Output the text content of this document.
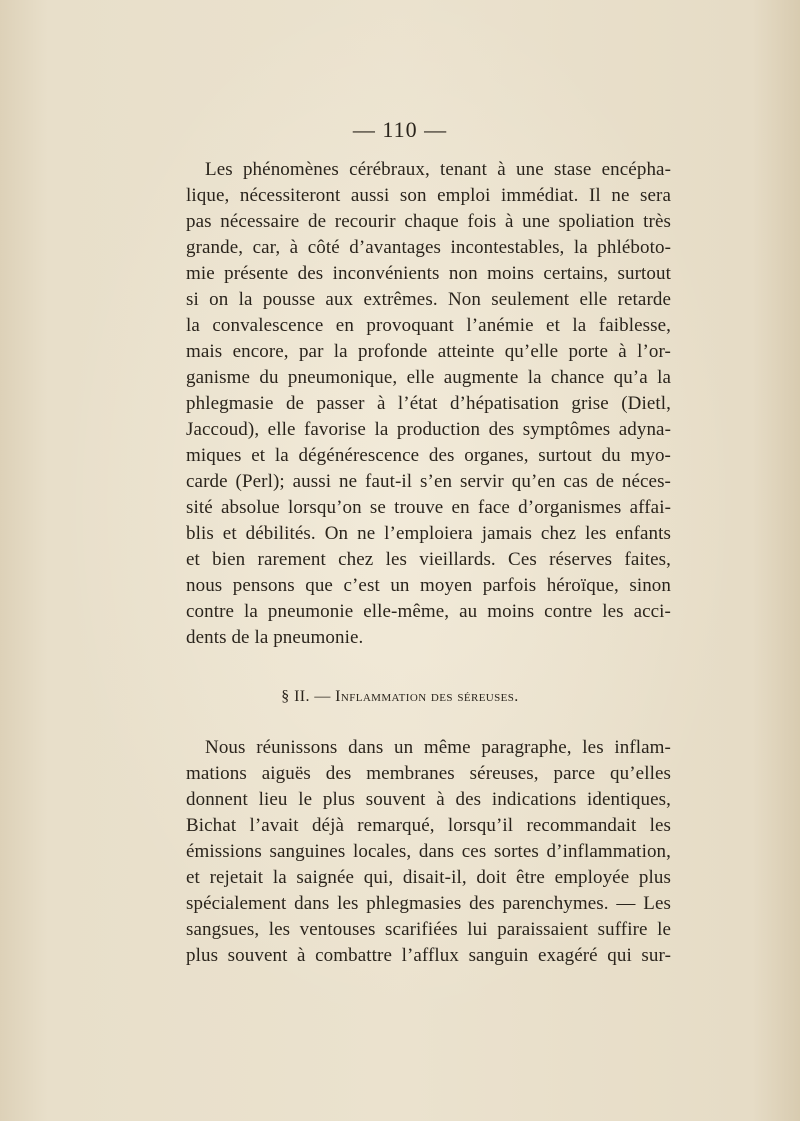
— 110 —
Les phénomènes cérébraux, tenant à une stase encépha-
lique, nécessiteront aussi son emploi immédiat. Il ne sera
pas nécessaire de recourir chaque fois à une spoliation très
grande, car, à côté d’avantages incontestables, la phléboto-
mie présente des inconvénients non moins certains, surtout
si on la pousse aux extrêmes. Non seulement elle retarde
la convalescence en provoquant l’anémie et la faiblesse,
mais encore, par la profonde atteinte qu’elle porte à l’or-
ganisme du pneumonique, elle augmente la chance qu’a la
phlegmasie de passer à l’état d’hépatisation grise (Dietl,
Jaccoud), elle favorise la production des symptômes adyna-
miques et la dégénérescence des organes, surtout du myo-
carde (Perl); aussi ne faut-il s’en servir qu’en cas de néces-
sité absolue lorsqu’on se trouve en face d’organismes affai-
blis et débilités. On ne l’emploiera jamais chez les enfants
et bien rarement chez les vieillards. Ces réserves faites,
nous pensons que c’est un moyen parfois héroïque, sinon
contre la pneumonie elle-même, au moins contre les acci-
dents de la pneumonie.
§ II. — Inflammation des séreuses.
Nous réunissons dans un même paragraphe, les inflam-
mations aiguës des membranes séreuses, parce qu’elles
donnent lieu le plus souvent à des indications identiques,
Bichat l’avait déjà remarqué, lorsqu’il recommandait les
émissions sanguines locales, dans ces sortes d’inflammation,
et rejetait la saignée qui, disait-il, doit être employée plus
spécialement dans les phlegmasies des parenchymes. — Les
sangsues, les ventouses scarifiées lui paraissaient suffire le
plus souvent à combattre l’afflux sanguin exagéré qui sur-
